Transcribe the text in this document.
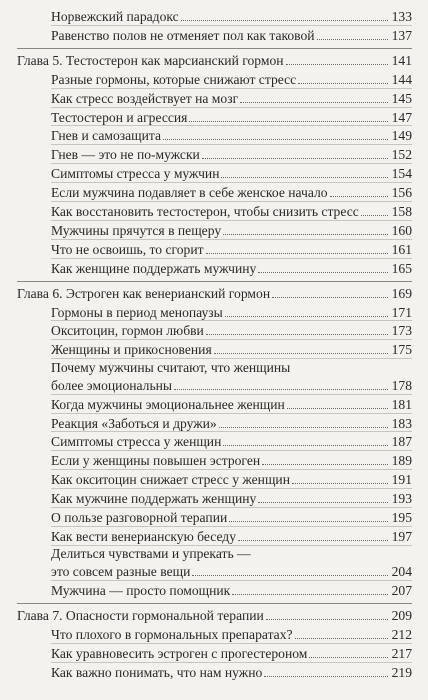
Норвежский парадокс	133
Равенство полов не отменяет пол как таковой	137
Глава 5. Тестостерон как марсианский гормон	141
Разные гормоны, которые снижают стресс	144
Как стресс воздействует на мозг	145
Тестостерон и агрессия	147
Гнев и самозащита	149
Гнев — это не по-мужски	152
Симптомы стресса у мужчин	154
Если мужчина подавляет в себе женское начало	156
Как восстановить тестостерон, чтобы снизить стресс 158
Мужчины прячутся в пещеру	160
Что не освоишь, то сгорит	161
Как женщине поддержать мужчину	165
Глава 6. Эстроген как венерианский гормон	169
Гормоны в период менопаузы	171
Окситоцин, гормон любви	173
Женщины и прикосновения	175
Почему мужчины считают, что женщины
более эмоциональны	178
Когда мужчины эмоциональнее женщин	181
Реакция «Заботься и дружи»	183
Симптомы стресса у женщин	187
Если у женщины повышен эстроген	189
Как окситоцин снижает стресс у женщин	191
Как мужчине поддержать женщину	193
О пользе разговорной терапии	195
Как вести венерианскую беседу	197
Делиться чувствами и упрекать —
это совсем разные вещи	204
Мужчина — просто помощник	207
Глава 7. Опасности гормональной терапии	209
Что плохого в гормональных препаратах?	212
Как уравновесить эстроген с прогестероном	217
Как важно понимать, что нам нужно	219
